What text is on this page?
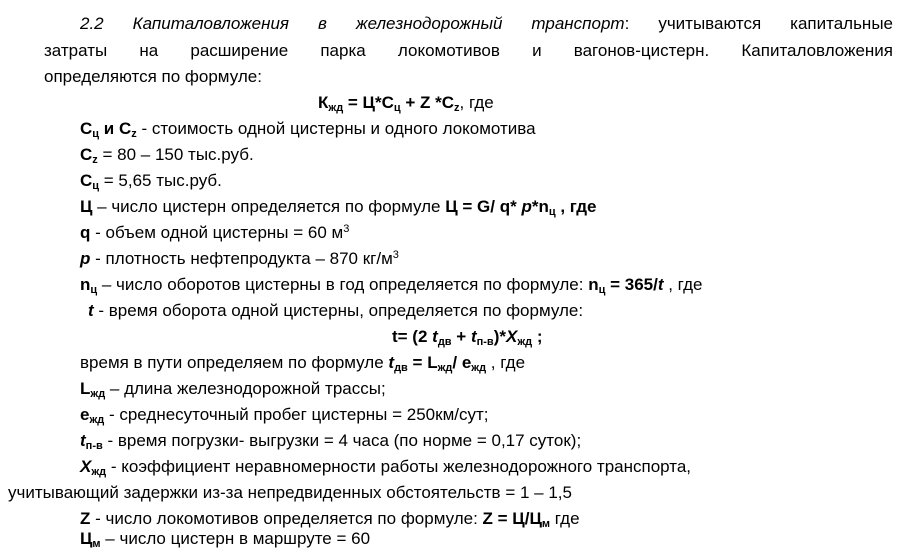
2.2 Капиталовложения в железнодорожный транспорт: учитываются капитальные
затраты на расширение парка локомотивов и вагонов-цистерн. Капиталовложения
определяются по формуле:
$К_{жд} = Ц*С_ц + Z$ $*С_z$, где
$С_ц$ и $С_z$ - стоимость одной цистерны и одного локомотива
$С_z = 80 - 150$ тыс.руб.
$С_ц = 5,65$ тыс.руб.
Ц – число цистерн определяется по формуле Ц = G/ q* $p*n_ц$ , где
q - объем одной цистерны = 60 $м^3$
p - плотность нефтепродукта – 870 $кг/м^3$
$n_ц$ – число оборотов цистерны в год определяется по формуле: $n_ц = 365/t$ , где
t - время оборота одной цистерны, определяется по формуле:
t= (2 $t_{дв} + t_{п-в})*X_{жд}$ ;
время в пути определяем по формуле $t_{дв} = L_{жд}/$ $e_{жд}$ , где
$L_{жд}$ – длина железнодорожной трассы;
$е_{жд}$ - среднесуточный пробег цистерны = 250км/сут;
$t_{п-в}$ - время погрузки- выгрузки = 4 часа (по норме = 0,17 суток);
$X_{жд}$ - коэффициент неравномерности работы железнодорожного транспорта,
учитывающий задержки из-за непредвиденных обстоятельств = 1 – 1,5
Z - число локомотивов определяется по формуле: $Z = Ц/Ц_м$ где
$Ц_м$ – число цистерн в маршруте = 60
